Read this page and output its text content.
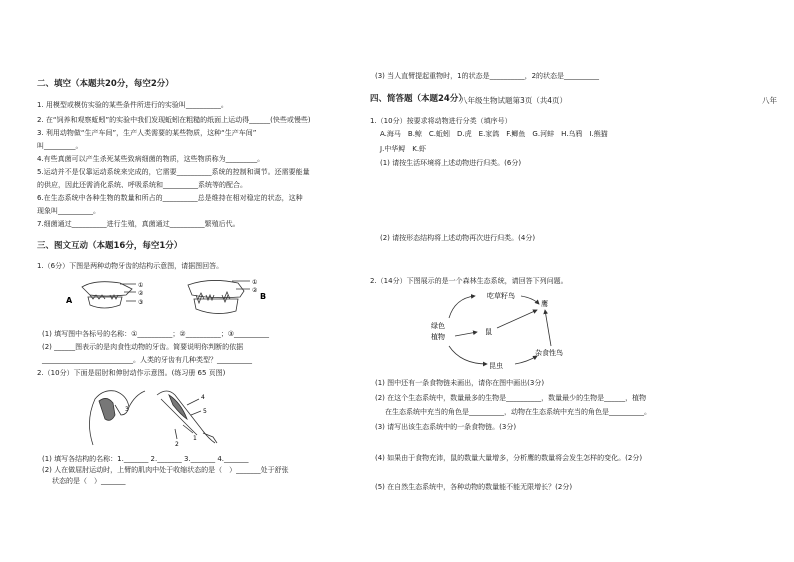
二、填空（本题共20分，每空2分）
1. 用模型或模仿实验的某些条件所进行的实验叫__________。
2. 在“饲养和观察蚯蚓”的实验中我们发现蚯蚓在粗糙的纸面上运动得______(快些或慢些)
3. 利用动物做“生产车间”，生产人类需要的某些物质，这种“生产车间”
叫_________。
4.有些真菌可以产生杀死某些致病细菌的物质，这些物质称为_________。
5.运动并不是仅靠运动系统来完成的，它需要__________系统的控制和调节。还需要能量
的供应，因此还需消化系统、呼吸系统和__________系统等的配合。
6.在生态系统中各种生物的数量和所占的__________总是维持在相对稳定的状态，这种
现象叫__________。
7.细菌通过__________进行生殖，真菌通过__________繁殖后代。
三、图文互动（本题16分，每空1分）
1.（6分）下图是两种动物牙齿的结构示意图，请据图回答。
A	B
①
②
③
①
②
(1) 填写图中各标号的名称：①__________；②__________；③__________
(2) ______图表示的是肉食性动物的牙齿。简要说明你判断的依据
__________________________。人类的牙齿有几种类型？__________
2.（10分）下面是屈肘和伸肘动作示意图。(练习册 65 页图)
4
5
1
2
3
(1) 填写各结构的名称：1._______ 2._______ 3._______ 4._______
(2) 人在做屈肘运动时，上臂的肌肉中处于收缩状态的是（　）_______处于舒张
状态的是（　）_______
(3) 当人直臂提起重物时，1的状态是__________，2的状态是__________
四、简答题（本题24分）
八年级生物试题第3页（共4页）	八年
1.（10分）按要求将动物进行分类（填序号）
A.海马　B.鲸　C.蚯蚓　D.虎　E.家鸽　F.鲫鱼　G.河蚌　H.乌鸦　I.熊猫
J.中华鲟　K.虾
(1) 请按生活环境将上述动物进行归类。(6分)
(2) 请按形态结构将上述动物再次进行归类。(4分)
2.（14分）下图展示的是一个森林生态系统，请回答下列问题。
吃草籽鸟
鹰
绿色
植物
鼠
昆虫
杂食性鸟
(1) 图中还有一条食物链未画出，请你在图中画出(3分)
(2) 在这个生态系统中，数量最多的生物是__________，数量最少的生物是______，植物
在生态系统中充当的角色是__________，动物在生态系统中充当的角色是__________。
(3) 请写出该生态系统中的一条食物链。(3分)
(4) 如果由于食物充沛，鼠的数量大量增多，分析鹰的数量将会发生怎样的变化。(2分)
(5) 在自然生态系统中，各种动物的数量能不能无限增长？(2分)
